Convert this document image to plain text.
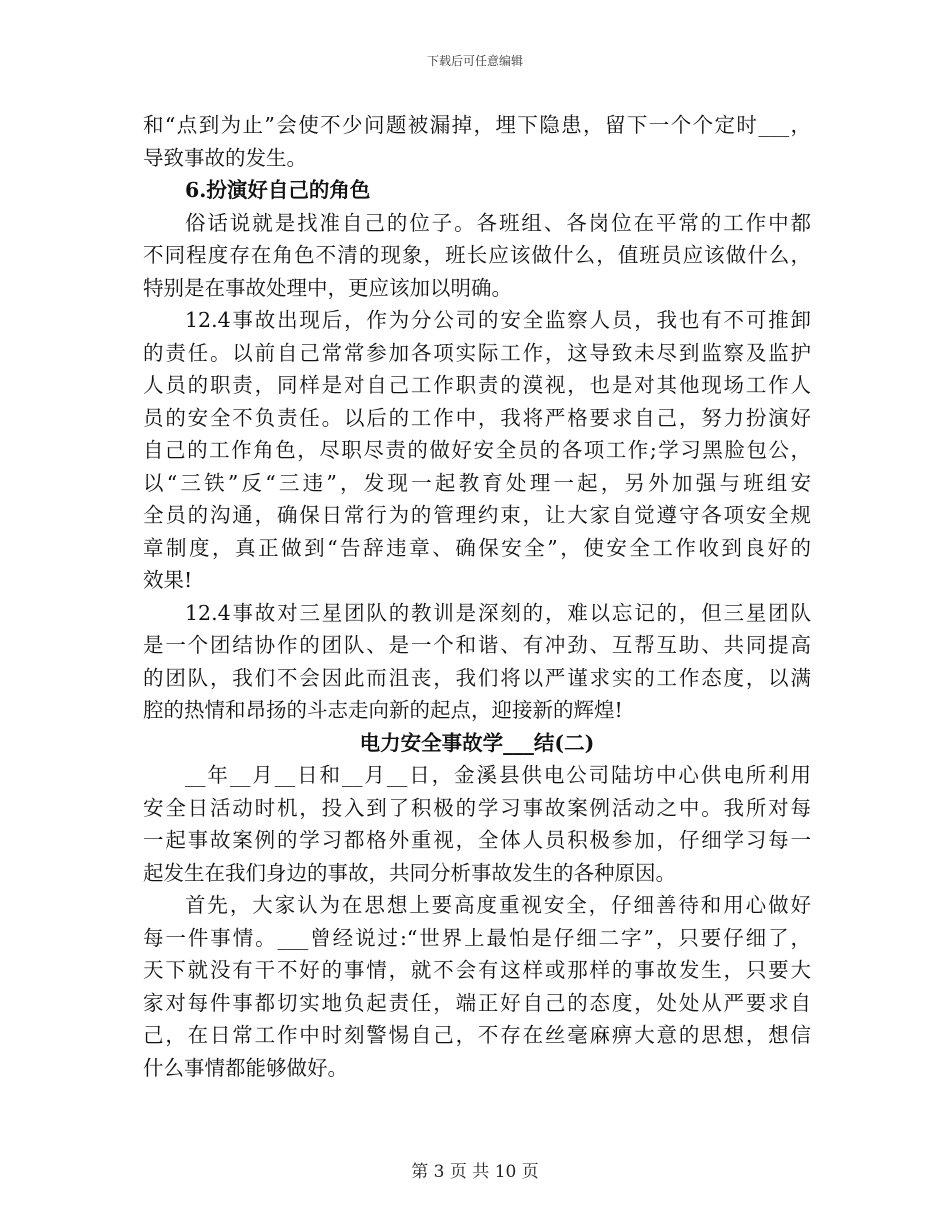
下载后可任意编辑
和“点到为止”会使不少问题被漏掉，埋下隐患，留下一个个定时___，
导致事故的发生。
6.扮演好自己的角色
俗话说就是找准自己的位子。各班组、各岗位在平常的工作中都
不同程度存在角色不清的现象，班长应该做什么，值班员应该做什么，
特别是在事故处理中，更应该加以明确。
12.4事故出现后，作为分公司的安全监察人员，我也有不可推卸
的责任。以前自己常常参加各项实际工作，这导致未尽到监察及监护
人员的职责，同样是对自己工作职责的漠视，也是对其他现场工作人
员的安全不负责任。以后的工作中，我将严格要求自己，努力扮演好
自己的工作角色，尽职尽责的做好安全员的各项工作;学习黑脸包公，
以“三铁”反“三违”，发现一起教育处理一起，另外加强与班组安
全员的沟通，确保日常行为的管理约束，让大家自觉遵守各项安全规
章制度，真正做到“告辞违章、确保安全”，使安全工作收到良好的
效果!
12.4事故对三星团队的教训是深刻的，难以忘记的，但三星团队
是一个团结协作的团队、是一个和谐、有冲劲、互帮互助、共同提高
的团队，我们不会因此而沮丧，我们将以严谨求实的工作态度，以满
腔的热情和昂扬的斗志走向新的起点，迎接新的辉煌!
电力安全事故学___结(二)
__年__月__日和__月__日，金溪县供电公司陆坊中心供电所利用
安全日活动时机，投入到了积极的学习事故案例活动之中。我所对每
一起事故案例的学习都格外重视，全体人员积极参加，仔细学习每一
起发生在我们身边的事故，共同分析事故发生的各种原因。
首先，大家认为在思想上要高度重视安全，仔细善待和用心做好
每一件事情。___曾经说过:“世界上最怕是仔细二字”，只要仔细了，
天下就没有干不好的事情，就不会有这样或那样的事故发生，只要大
家对每件事都切实地负起责任，端正好自己的态度，处处从严要求自
己，在日常工作中时刻警惕自己，不存在丝毫麻痹大意的思想，想信
什么事情都能够做好。
第 3 页 共 10 页
